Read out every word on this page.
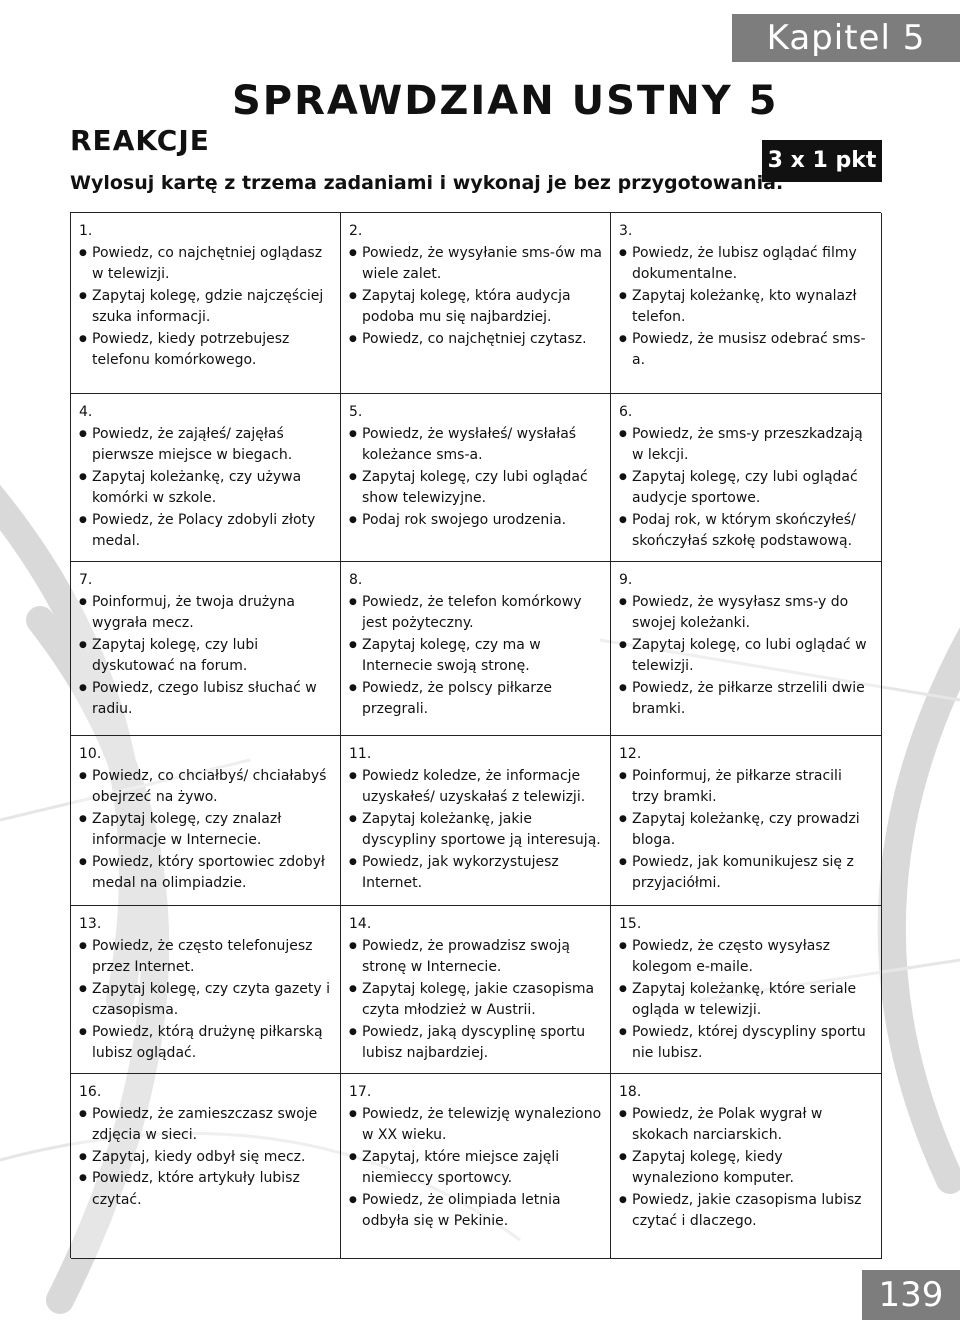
Kapitel 5
SPRAWDZIAN USTNY 5
REAKCJE
3 x 1 pkt
Wylosuj kartę z trzema zadaniami i wykonaj je bez przygotowania.
1.
● Powiedz, co najchętniej oglądasz w telewizji.
● Zapytaj kolegę, gdzie najczęściej szuka informacji.
● Powiedz, kiedy potrzebujesz telefonu komórkowego.
2.
● Powiedz, że wysyłanie sms-ów ma wiele zalet.
● Zapytaj kolegę, która audycja podoba mu się najbardziej.
● Powiedz, co najchętniej czytasz.
3.
● Powiedz, że lubisz oglądać filmy dokumentalne.
● Zapytaj koleżankę, kto wynalazł telefon.
● Powiedz, że musisz odebrać sms-a.
4.
● Powiedz, że zająłeś/ zajęłaś pierwsze miejsce w biegach.
● Zapytaj koleżankę, czy używa komórki w szkole.
● Powiedz, że Polacy zdobyli złoty medal.
5.
● Powiedz, że wysłałeś/ wysłałaś koleżance sms-a.
● Zapytaj kolegę, czy lubi oglądać show telewizyjne.
● Podaj rok swojego urodzenia.
6.
● Powiedz, że sms-y przeszkadzają w lekcji.
● Zapytaj kolegę, czy lubi oglądać audycje sportowe.
● Podaj rok, w którym skończyłeś/ skończyłaś szkołę podstawową.
7.
● Poinformuj, że twoja drużyna wygrała mecz.
● Zapytaj kolegę, czy lubi dyskutować na forum.
● Powiedz, czego lubisz słuchać w radiu.
8.
● Powiedz, że telefon komórkowy jest pożyteczny.
● Zapytaj kolegę, czy ma w Internecie swoją stronę.
● Powiedz, że polscy piłkarze przegrali.
9.
● Powiedz, że wysyłasz sms-y do swojej koleżanki.
● Zapytaj kolegę, co lubi oglądać w telewizji.
● Powiedz, że piłkarze strzelili dwie bramki.
10.
● Powiedz, co chciałbyś/ chciałabyś obejrzeć na żywo.
● Zapytaj kolegę, czy znalazł informacje w Internecie.
● Powiedz, który sportowiec zdobył medal na olimpiadzie.
11.
● Powiedz koledze, że informacje uzyskałeś/ uzyskałaś z telewizji.
● Zapytaj koleżankę, jakie dyscypliny sportowe ją interesują.
● Powiedz, jak wykorzystujesz Internet.
12.
● Poinformuj, że piłkarze stracili trzy bramki.
● Zapytaj koleżankę, czy prowadzi bloga.
● Powiedz, jak komunikujesz się z przyjaciółmi.
13.
● Powiedz, że często telefonujesz przez Internet.
● Zapytaj kolegę, czy czyta gazety i czasopisma.
● Powiedz, którą drużynę piłkarską lubisz oglądać.
14.
● Powiedz, że prowadzisz swoją stronę w Internecie.
● Zapytaj kolegę, jakie czasopisma czyta młodzież w Austrii.
● Powiedz, jaką dyscyplinę sportu lubisz najbardziej.
15.
● Powiedz, że często wysyłasz kolegom e-maile.
● Zapytaj koleżankę, które seriale ogląda w telewizji.
● Powiedz, której dyscypliny sportu nie lubisz.
16.
● Powiedz, że zamieszczasz swoje zdjęcia w sieci.
● Zapytaj, kiedy odbył się mecz.
● Powiedz, które artykuły lubisz czytać.
17.
● Powiedz, że telewizję wynaleziono w XX wieku.
● Zapytaj, które miejsce zajęli niemieccy sportowcy.
● Powiedz, że olimpiada letnia odbyła się w Pekinie.
18.
● Powiedz, że Polak wygrał w skokach narciarskich.
● Zapytaj kolegę, kiedy wynaleziono komputer.
● Powiedz, jakie czasopisma lubisz czytać i dlaczego.
139
